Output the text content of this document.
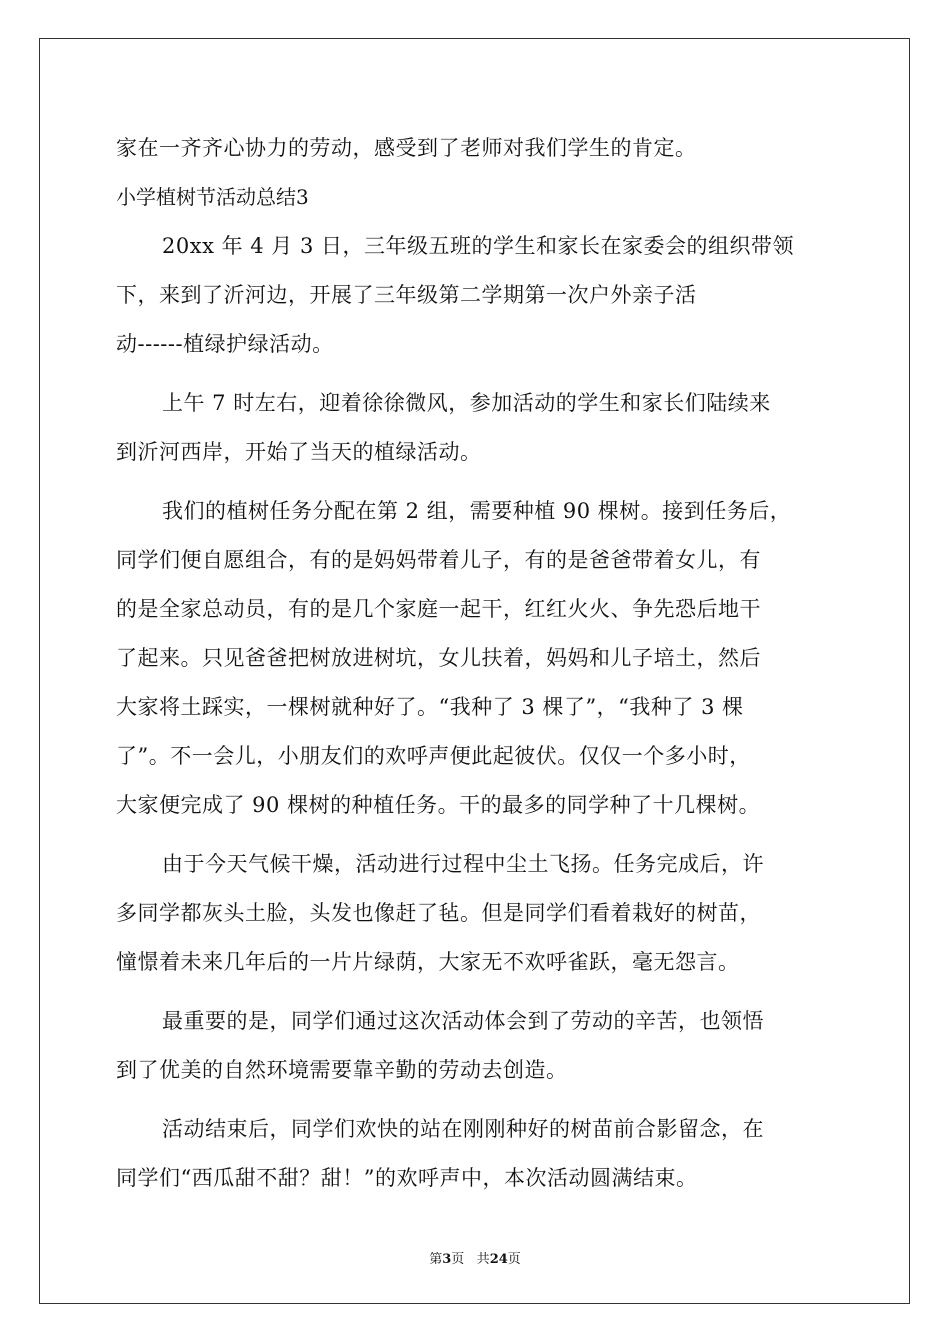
家在一齐齐心协力的劳动，感受到了老师对我们学生的肯定。
小学植树节活动总结3
20xx 年 4 月 3 日，三年级五班的学生和家长在家委会的组织带领
下，来到了沂河边，开展了三年级第二学期第一次户外亲子活
动------植绿护绿活动。
上午 7 时左右，迎着徐徐微风，参加活动的学生和家长们陆续来
到沂河西岸，开始了当天的植绿活动。
我们的植树任务分配在第 2 组，需要种植 90 棵树。接到任务后，
同学们便自愿组合，有的是妈妈带着儿子，有的是爸爸带着女儿，有
的是全家总动员，有的是几个家庭一起干，红红火火、争先恐后地干
了起来。只见爸爸把树放进树坑，女儿扶着，妈妈和儿子培土，然后
大家将土踩实，一棵树就种好了。“我种了 3 棵了”，“我种了 3 棵
了”。不一会儿，小朋友们的欢呼声便此起彼伏。仅仅一个多小时，
大家便完成了 90 棵树的种植任务。干的最多的同学种了十几棵树。
由于今天气候干燥，活动进行过程中尘土飞扬。任务完成后，许
多同学都灰头土脸，头发也像赶了毡。但是同学们看着栽好的树苗，
憧憬着未来几年后的一片片绿荫，大家无不欢呼雀跃，毫无怨言。
最重要的是，同学们通过这次活动体会到了劳动的辛苦，也领悟
到了优美的自然环境需要靠辛勤的劳动去创造。
活动结束后，同学们欢快的站在刚刚种好的树苗前合影留念，在
同学们“西瓜甜不甜？甜！”的欢呼声中，本次活动圆满结束。
第3页 共24页
